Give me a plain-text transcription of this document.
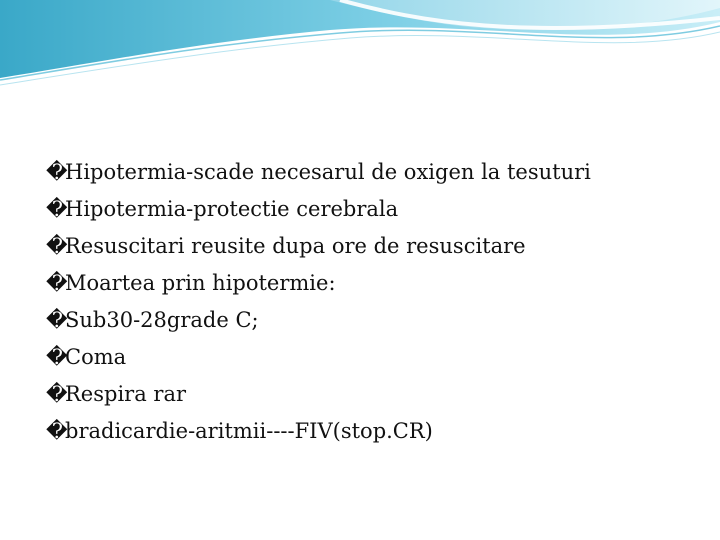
�Hipotermia-scade necesarul de oxigen la tesuturi
�Hipotermia-protectie cerebrala
�Resuscitari reusite dupa ore de resuscitare
�Moartea prin hipotermie:
�Sub30-28grade C;
�Coma
�Respira rar
�bradicardie-aritmii----FIV(stop.CR)
